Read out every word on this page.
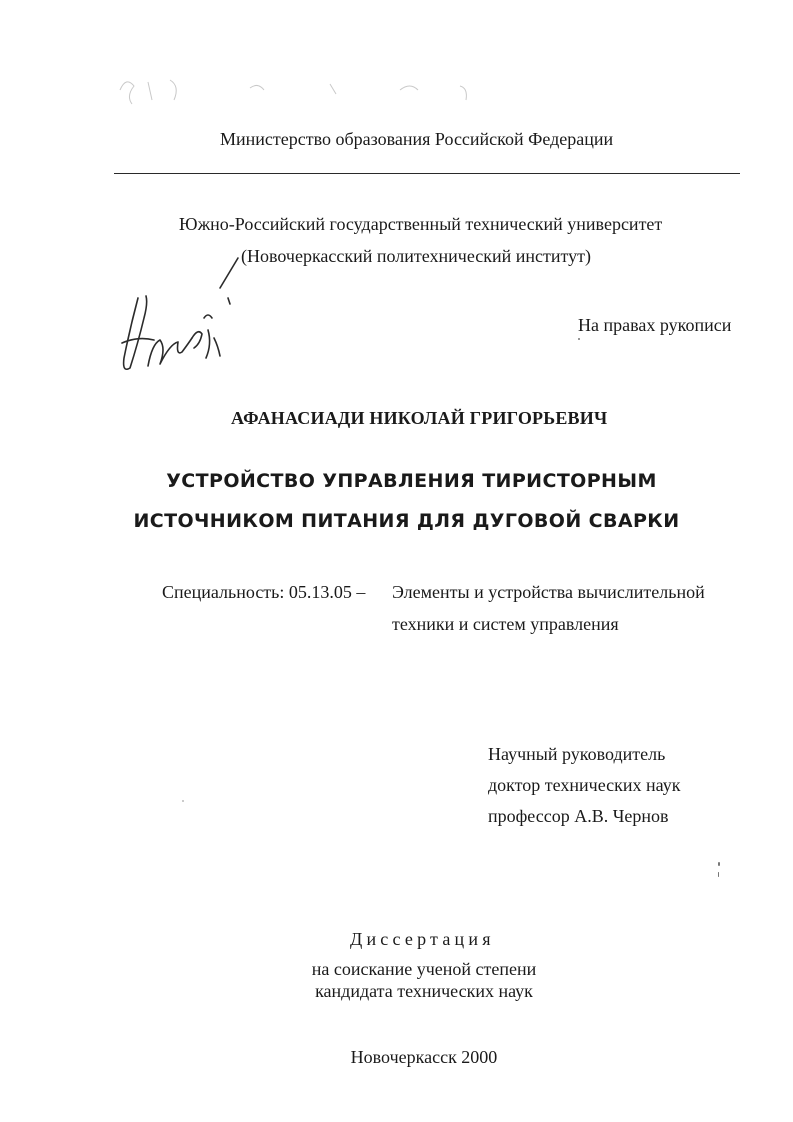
Министерство образования Российской Федерации
Южно-Российский государственный технический университет
(Новочеркасский политехнический институт)
На правах рукописи
АФАНАСИАДИ НИКОЛАЙ ГРИГОРЬЕВИЧ
УСТРОЙСТВО УПРАВЛЕНИЯ ТИРИСТОРНЫМ
ИСТОЧНИКОМ ПИТАНИЯ ДЛЯ ДУГОВОЙ СВАРКИ
Специальность: 05.13.05 – Элементы и устройства вычислительной
техники и систем управления
Научный руководитель
доктор технических наук
профессор А.В. Чернов
Диссертация
на соискание ученой степени
кандидата технических наук
Новочеркасск 2000
